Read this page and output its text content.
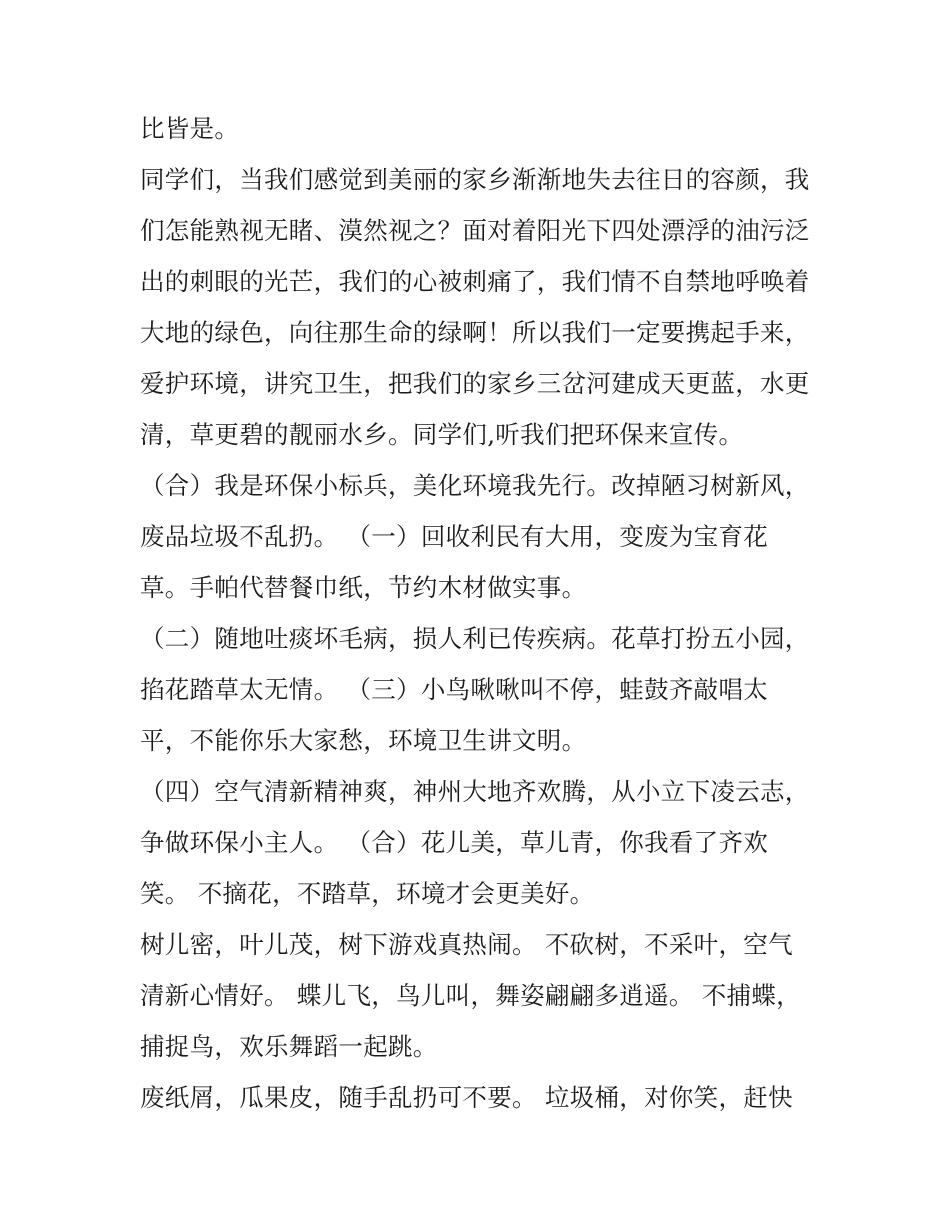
比皆是。
同学们，当我们感觉到美丽的家乡渐渐地失去往日的容颜，我
们怎能熟视无睹、漠然视之？面对着阳光下四处漂浮的油污泛
出的刺眼的光芒，我们的心被刺痛了，我们情不自禁地呼唤着
大地的绿色，向往那生命的绿啊！所以我们一定要携起手来，
爱护环境，讲究卫生，把我们的家乡三岔河建成天更蓝，水更
清，草更碧的靓丽水乡。同学们,听我们把环保来宣传。
（合）我是环保小标兵，美化环境我先行。改掉陋习树新风，
废品垃圾不乱扔。 （一）回收利民有大用，变废为宝育花
草。手帕代替餐巾纸，节约木材做实事。
（二）随地吐痰坏毛病，损人利已传疾病。花草打扮五小园，
掐花踏草太无情。 （三）小鸟啾啾叫不停，蛙鼓齐敲唱太
平，不能你乐大家愁，环境卫生讲文明。
（四）空气清新精神爽，神州大地齐欢腾，从小立下凌云志，
争做环保小主人。 （合）花儿美，草儿青，你我看了齐欢
笑。 不摘花，不踏草，环境才会更美好。
树儿密，叶儿茂，树下游戏真热闹。 不砍树，不采叶，空气
清新心情好。 蝶儿飞，鸟儿叫，舞姿翩翩多逍遥。 不捕蝶，
捕捉鸟，欢乐舞蹈一起跳。
废纸屑，瓜果皮，随手乱扔可不要。 垃圾桶，对你笑，赶快
